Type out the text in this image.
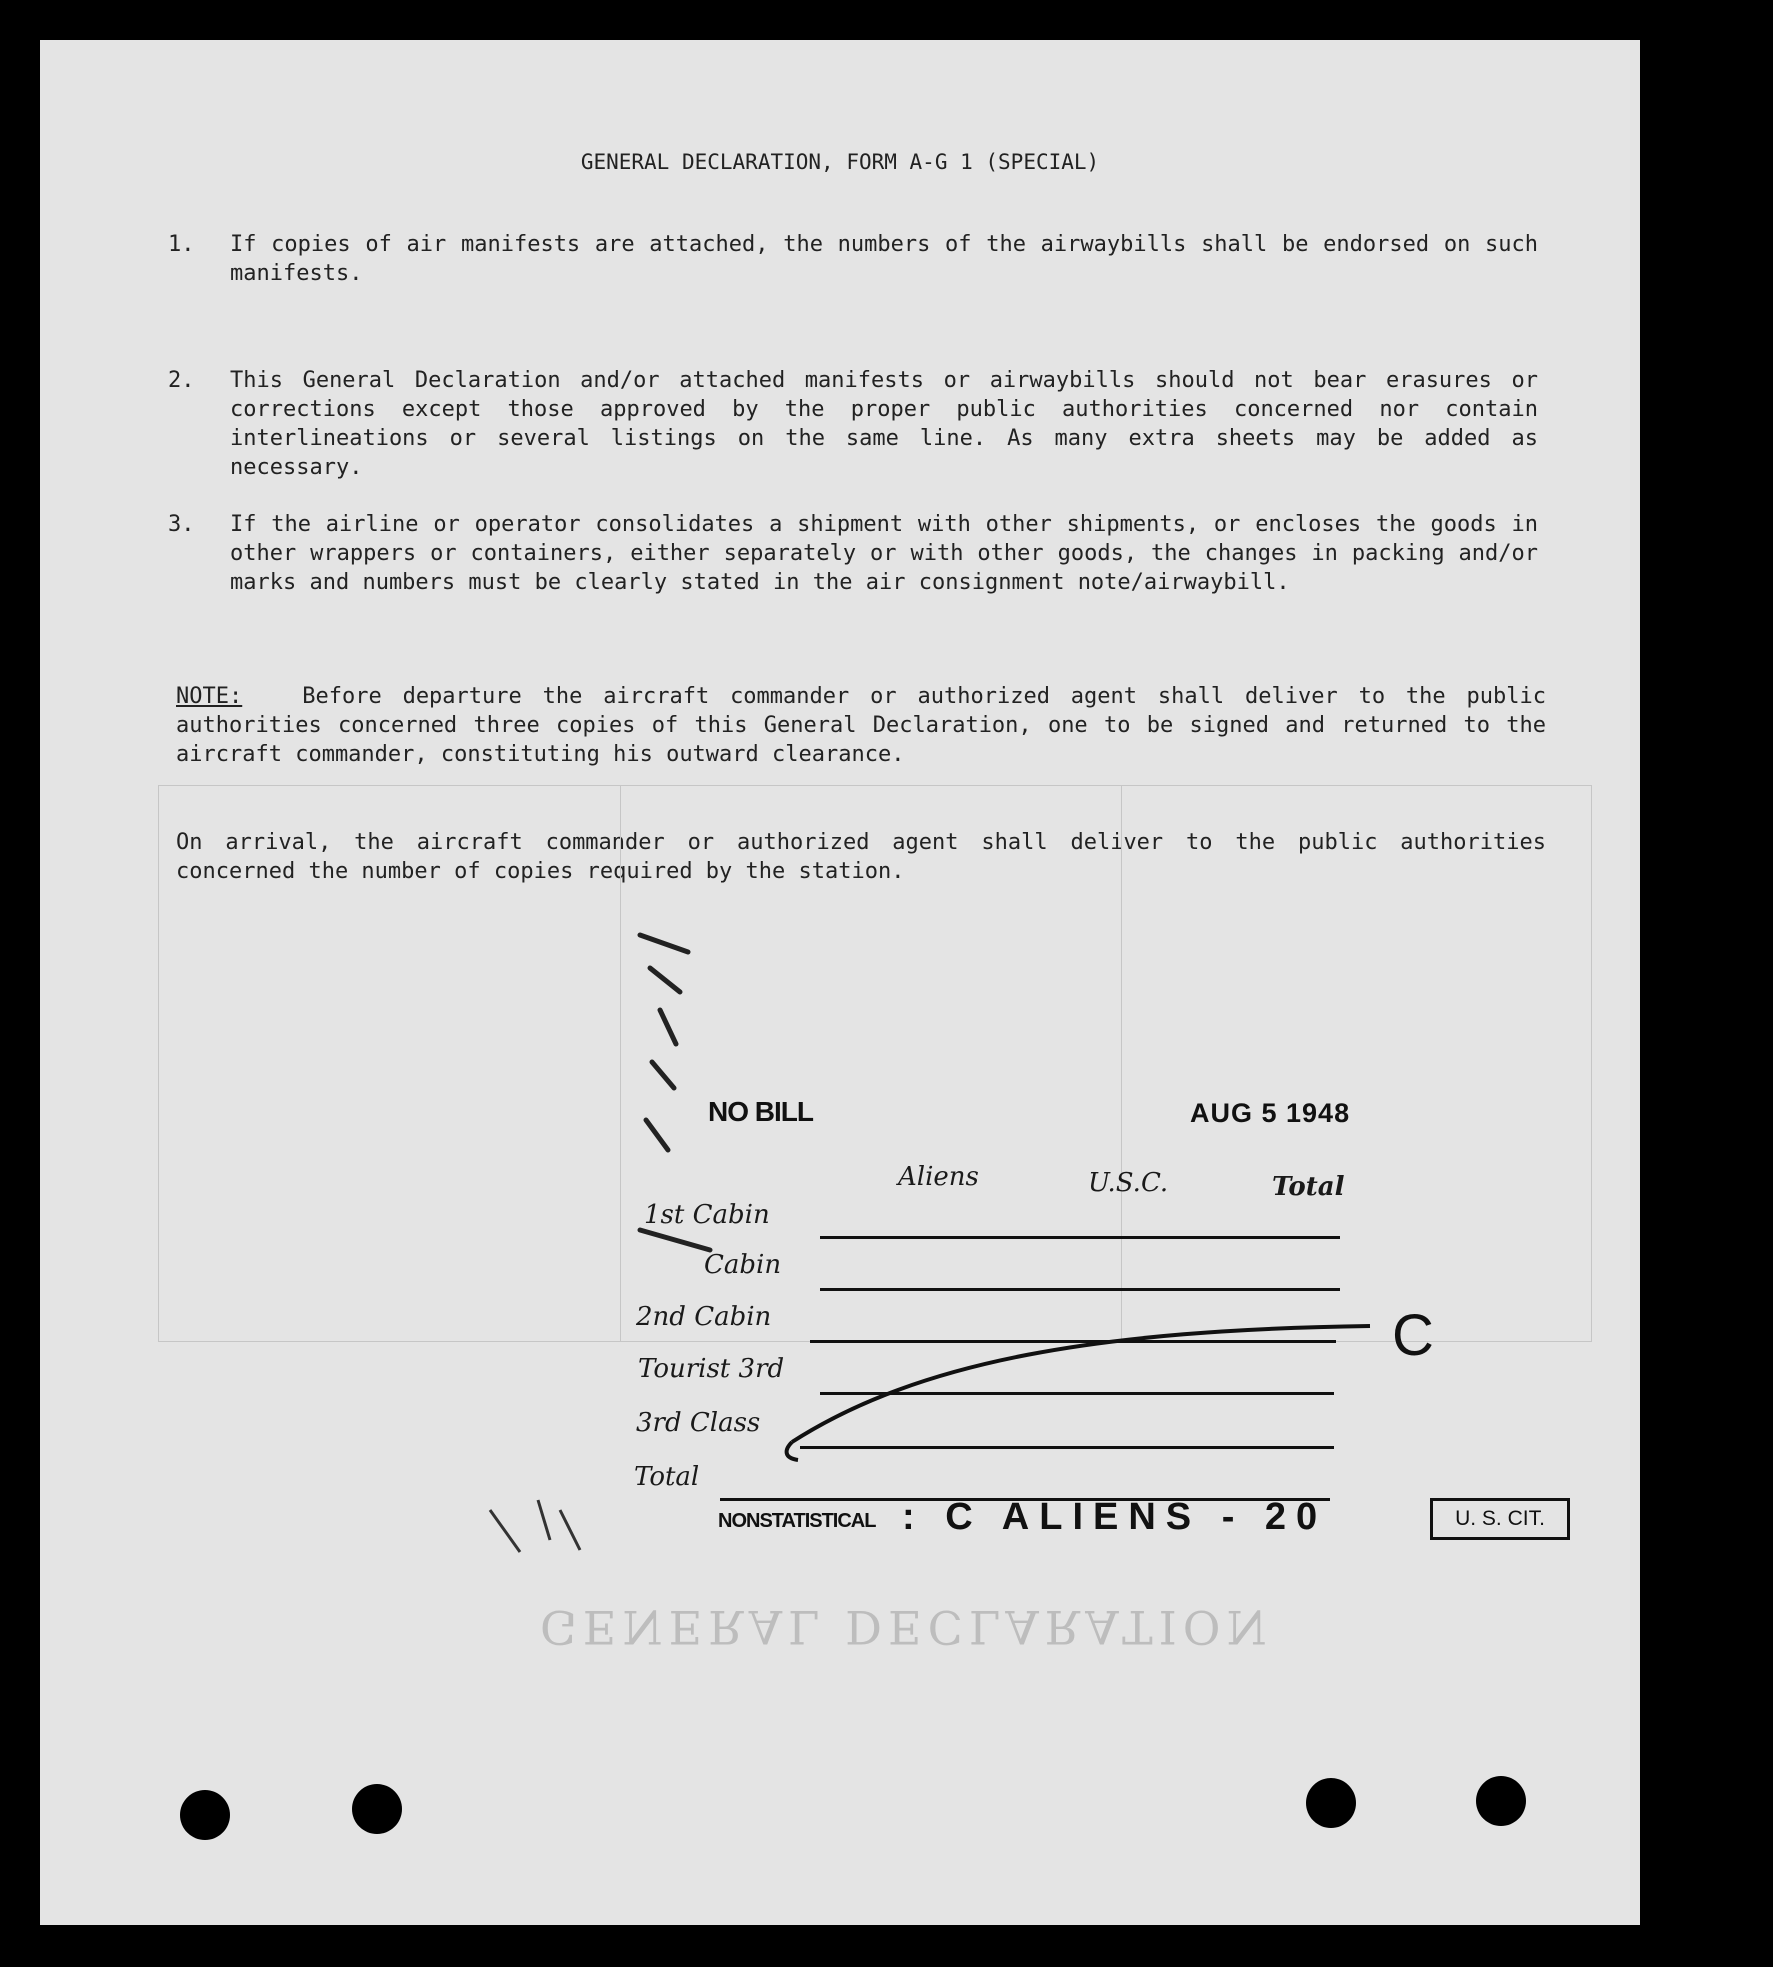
GENERAL DECLARATION
GENERAL DECLARATION, FORM A-G 1 (SPECIAL)
1. If copies of air manifests are attached, the numbers of the airwaybills shall be endorsed on such manifests.
2. This General Declaration and/or attached manifests or airwaybills should not bear erasures or corrections except those approved by the proper public authorities concerned nor contain interlineations or several listings on the same line. As many extra sheets may be added as necessary.
3. If the airline or operator consolidates a shipment with other shipments, or encloses the goods in other wrappers or containers, either separately or with other goods, the changes in packing and/or marks and numbers must be clearly stated in the air consignment note/airwaybill.
NOTE:	Before departure the aircraft commander or authorized agent shall deliver to the public authorities concerned three copies of this General Declaration, one to be signed and returned to the aircraft commander, constituting his outward clearance.
On arrival, the aircraft commander or authorized agent shall deliver to the public authorities concerned the number of copies required by the station.
NO BILL	AUG 5 1948
Aliens	U.S.C.	Total
1st Cabin
Cabin
2nd Cabin
Tourist 3rd
3rd Class
Total
NONSTATISTICAL : C ALIENS - 20	U. S. CIT.
C
